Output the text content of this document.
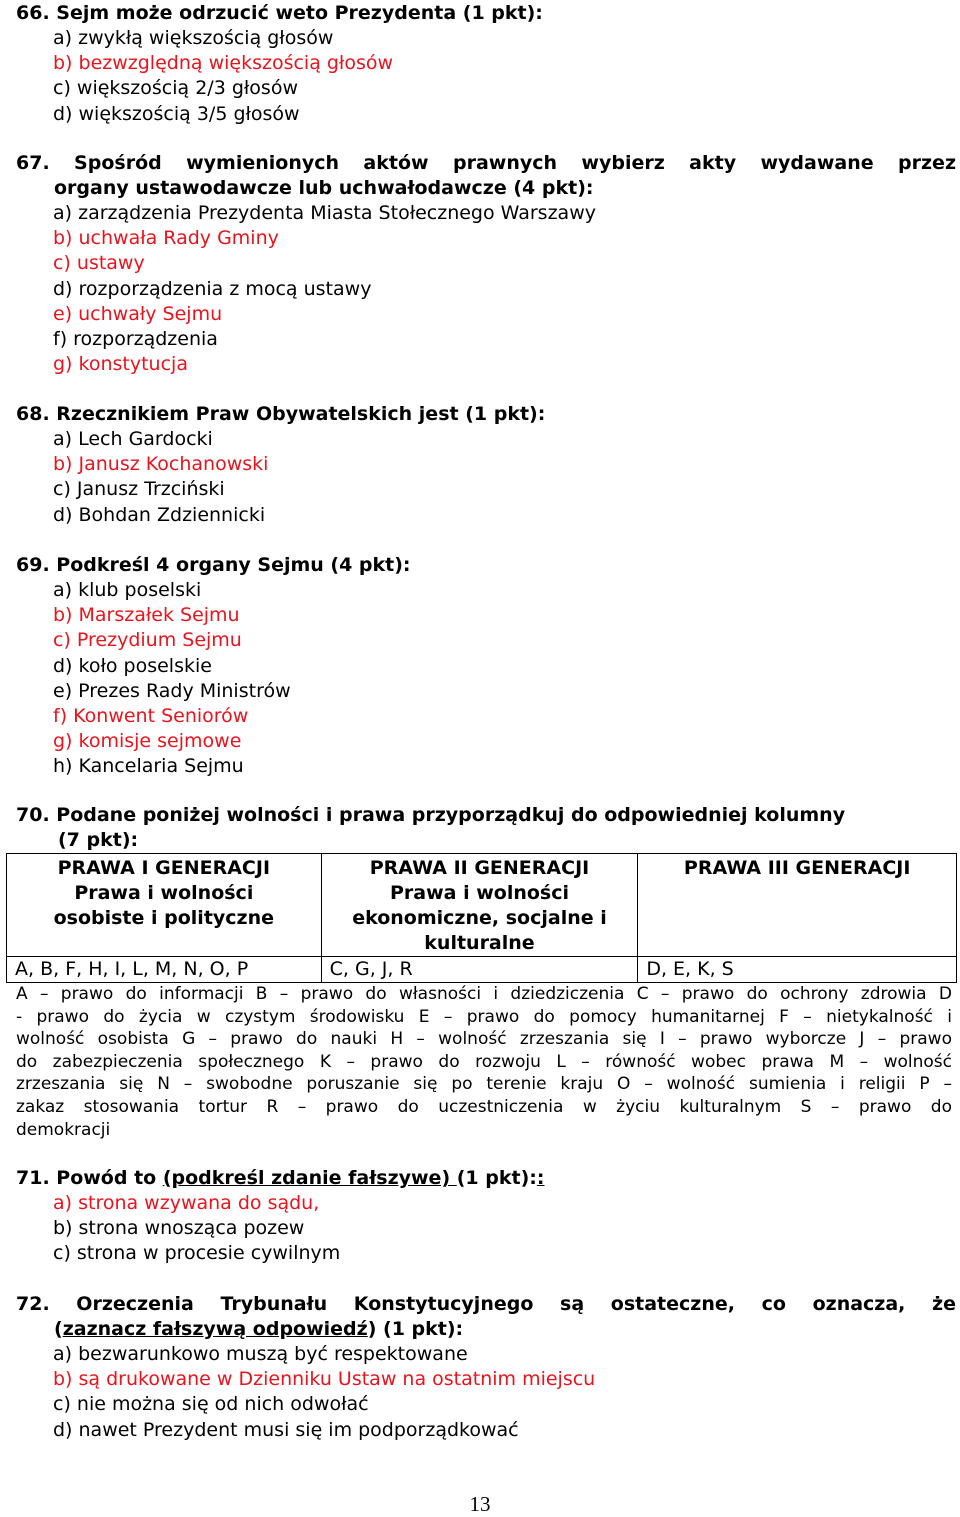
66. Sejm może odrzucić weto Prezydenta (1 pkt):

a) zwykłą większością głosów
b) bezwzględną większością głosów
c) większością 2/3 głosów
d) większością 3/5 głosów

67. Spośród wymienionych aktów prawnych wybierz akty wydawane przez
organy ustawodawcze lub uchwałodawcze (4 pkt):

a) zarządzenia Prezydenta Miasta Stołecznego Warszawy
b) uchwała Rady Gminy
c) ustawy
d) rozporządzenia z mocą ustawy
e) uchwały Sejmu
f) rozporządzenia
g) konstytucja

68. Rzecznikiem Praw Obywatelskich jest (1 pkt):

a) Lech Gardocki
b) Janusz Kochanowski
c) Janusz Trzciński
d) Bohdan Zdziennicki

69. Podkreśl 4 organy Sejmu (4 pkt):

a) klub poselski
b) Marszałek Sejmu
c) Prezydium Sejmu
d) koło poselskie
e) Prezes Rady Ministrów
f) Konwent Seniorów
g) komisje sejmowe
h) Kancelaria Sejmu

70. Podane poniżej wolności i prawa przyporządkuj do odpowiedniej kolumny
(7 pkt):

PRAWA I GENERACJI
Prawa i wolności
osobiste i polityczne	PRAWA II GENERACJI
Prawa i wolności
ekonomiczne, socjalne i
kulturalne	PRAWA III GENERACJI

A, B, F, H, I, L, M, N, O, P	C, G, J, R	D, E, K, S

A – prawo do informacji B – prawo do własności i dziedziczenia C – prawo do ochrony zdrowia D

- prawo do życia w czystym środowisku E – prawo do pomocy humanitarnej F – nietykalność i

wolność osobista G – prawo do nauki H – wolność zrzeszania się I – prawo wyborcze J – prawo

do zabezpieczenia społecznego K – prawo do rozwoju L – równość wobec prawa M – wolność

zrzeszania się N – swobodne poruszanie się po terenie kraju O – wolność sumienia i religii P –

zakaz stosowania tortur R – prawo do uczestniczenia w życiu kulturalnym S – prawo do

demokracji

71. Powód to (podkreśl zdanie fałszywe) (1 pkt)::

a) strona wzywana do sądu,
b) strona wnosząca pozew
c) strona w procesie cywilnym

72. Orzeczenia Trybunału Konstytucyjnego są ostateczne, co oznacza, że
(zaznacz fałszywą odpowiedź) (1 pkt):

a) bezwarunkowo muszą być respektowane
b) są drukowane w Dzienniku Ustaw na ostatnim miejscu
c) nie można się od nich odwołać
d) nawet Prezydent musi się im podporządkować
13
